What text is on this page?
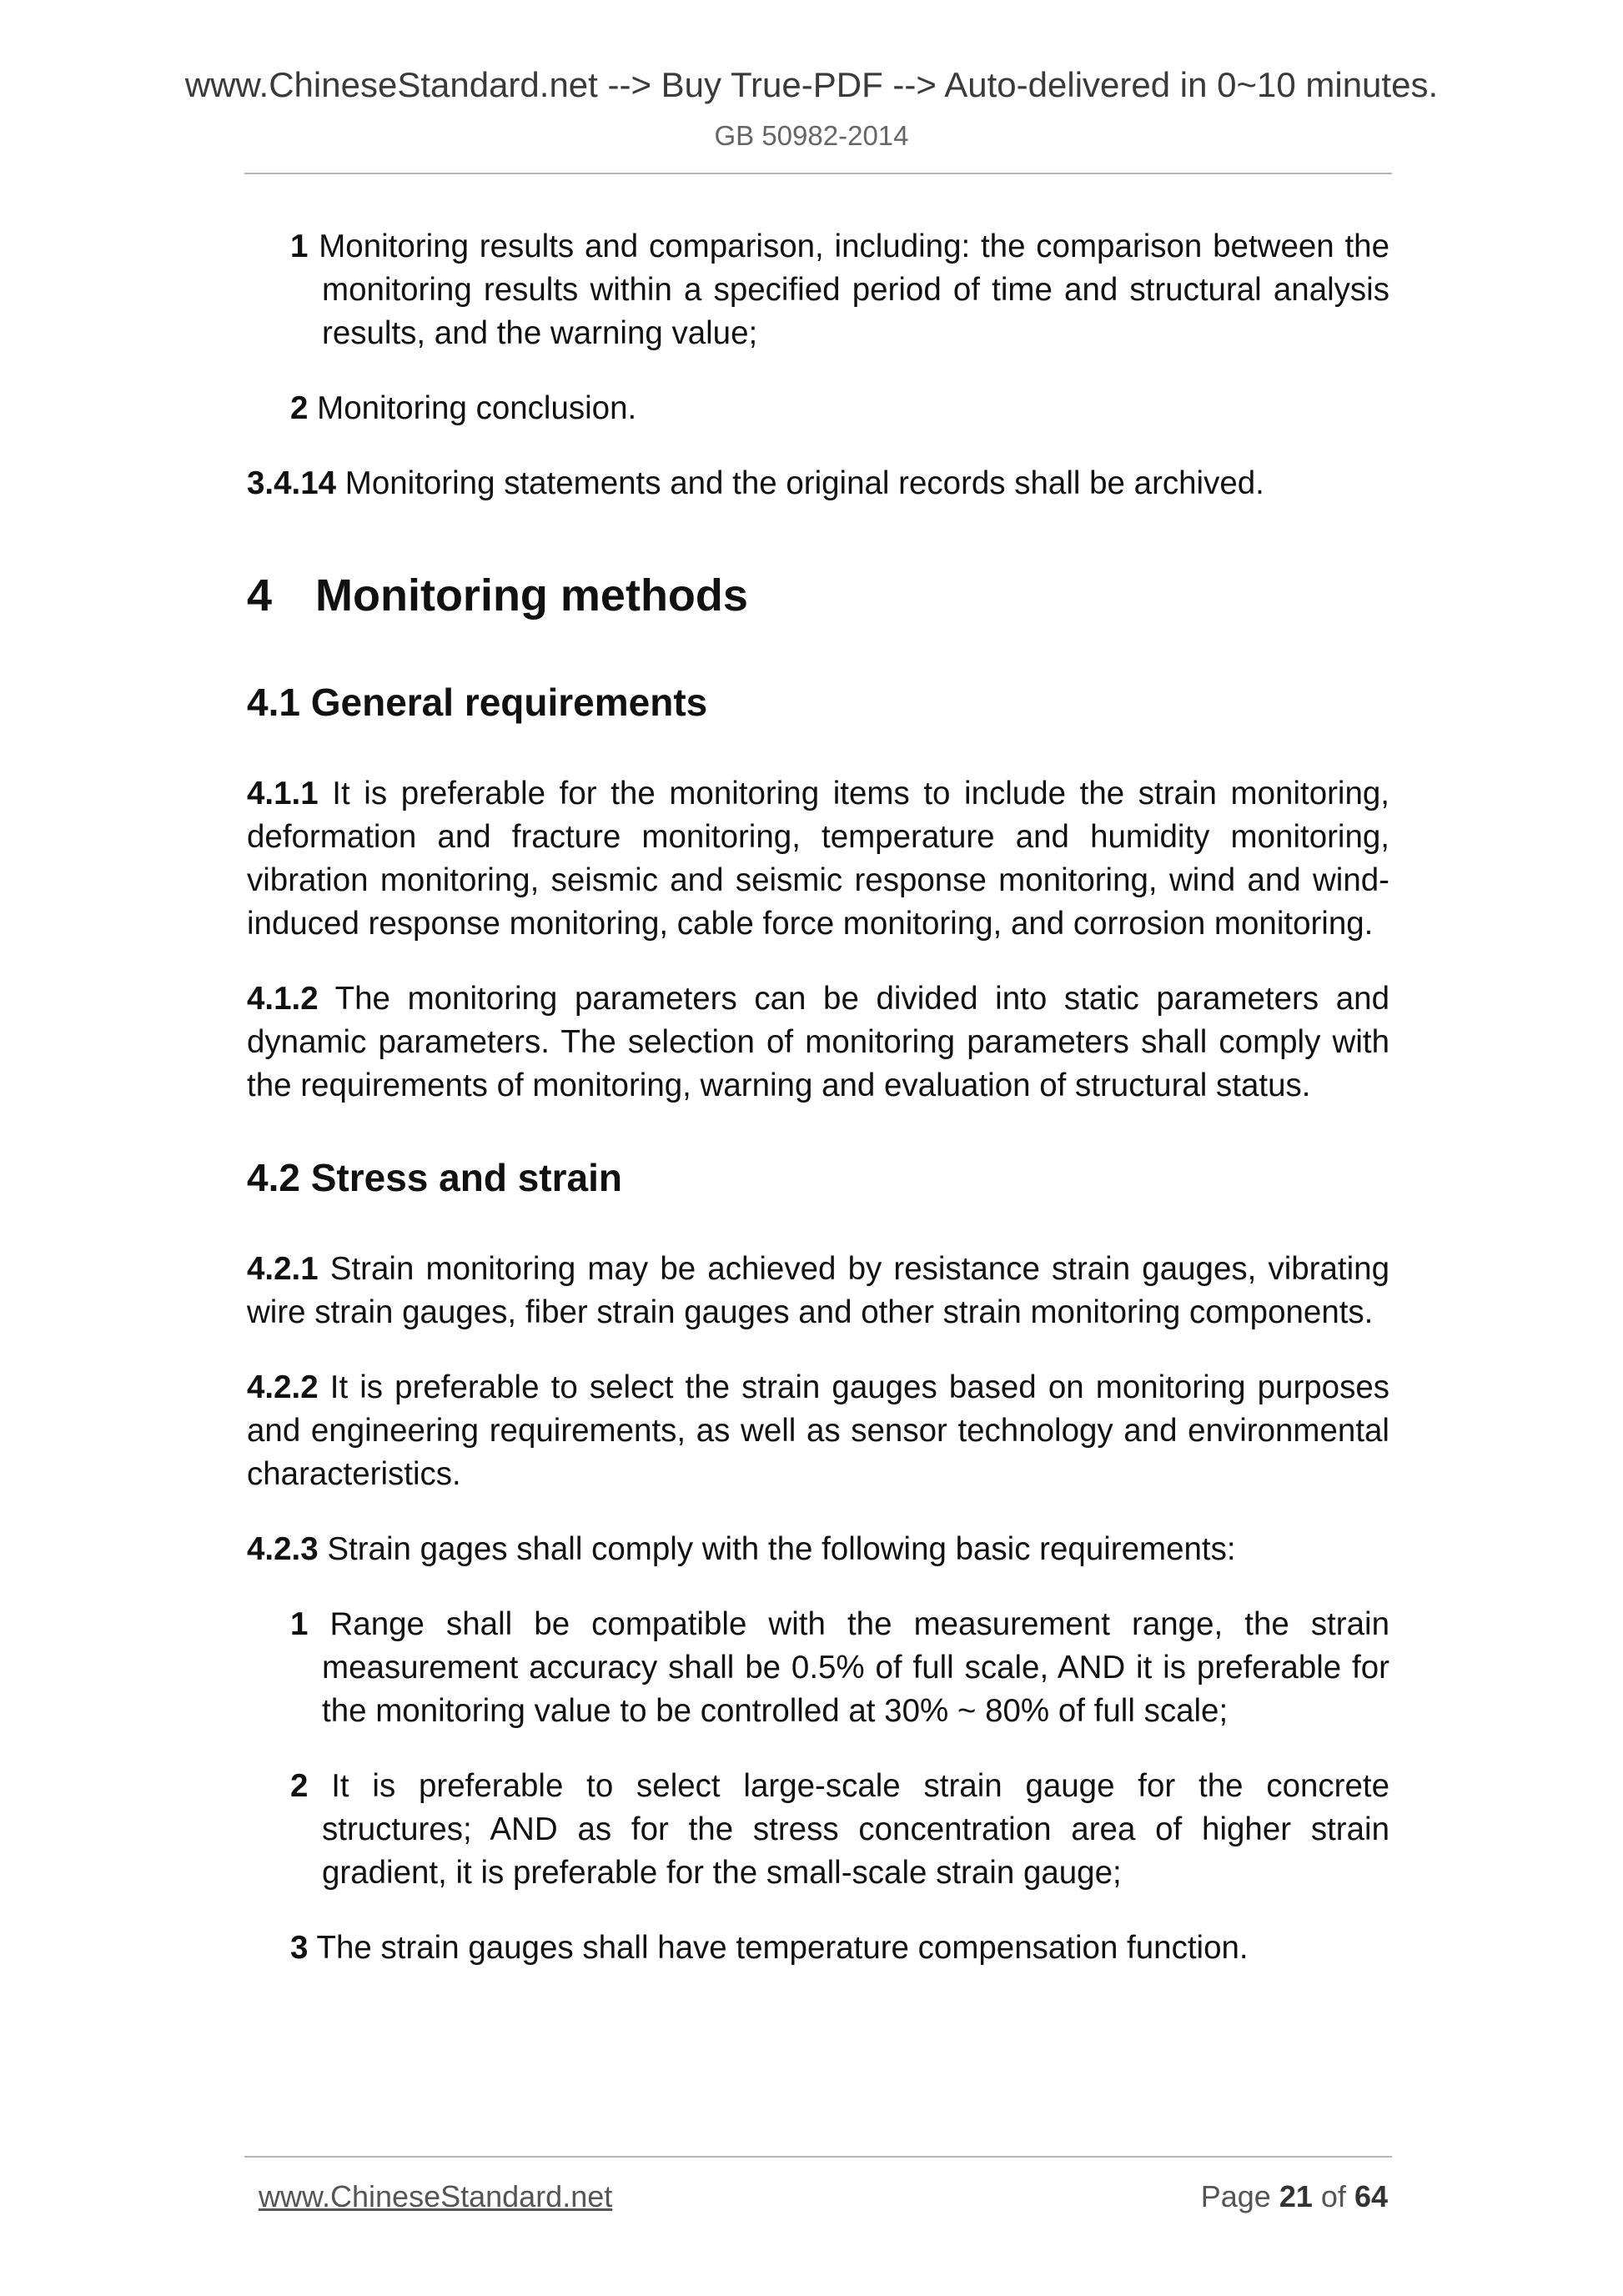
www.ChineseStandard.net --> Buy True-PDF --> Auto-delivered in 0~10 minutes.
GB 50982-2014
1 Monitoring results and comparison, including: the comparison between the monitoring results within a specified period of time and structural analysis results, and the warning value;
2 Monitoring conclusion.

3.4.14 Monitoring statements and the original records shall be archived.

4 Monitoring methods
4.1 General requirements

4.1.1 It is preferable for the monitoring items to include the strain monitoring, deformation and fracture monitoring, temperature and humidity monitoring, vibration monitoring, seismic and seismic response monitoring, wind and wind-induced response monitoring, cable force monitoring, and corrosion monitoring.

4.1.2 The monitoring parameters can be divided into static parameters and dynamic parameters. The selection of monitoring parameters shall comply with the requirements of monitoring, warning and evaluation of structural status.

4.2 Stress and strain

4.2.1 Strain monitoring may be achieved by resistance strain gauges, vibrating wire strain gauges, fiber strain gauges and other strain monitoring components.

4.2.2 It is preferable to select the strain gauges based on monitoring purposes and engineering requirements, as well as sensor technology and environmental characteristics.

4.2.3 Strain gages shall comply with the following basic requirements:

1 Range shall be compatible with the measurement range, the strain measurement accuracy shall be 0.5% of full scale, AND it is preferable for the monitoring value to be controlled at 30% ~ 80% of full scale;
2 It is preferable to select large-scale strain gauge for the concrete structures; AND as for the stress concentration area of higher strain gradient, it is preferable for the small-scale strain gauge;
3 The strain gauges shall have temperature compensation function.
www.ChineseStandard.net	Page 21 of 64
